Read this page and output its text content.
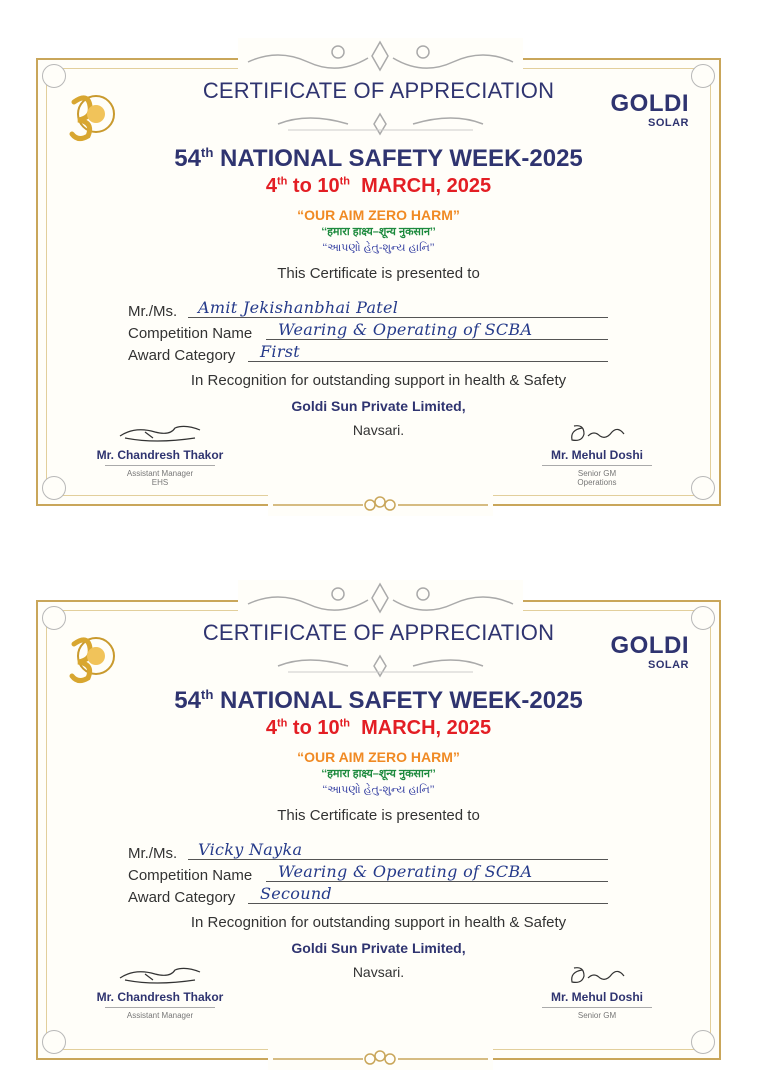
CERTIFICATE OF APPRECIATION	GOLDI
SOLAR
54th NATIONAL SAFETY WEEK-2025
4th to 10th MARCH, 2025
“OUR AIM ZERO HARM”
‘‘हमारा हाक्ष्य–शून्य नुकसान’’
‘‘આપણો હેતુ-શુન્ય હાનિ’’
This Certificate is presented to
Mr./Ms. Amit Jekishanbhai Patel
Competition Name Wearing & Operating of SCBA
Award Category First
In Recognition for outstanding support in health & Safety
Goldi Sun Private Limited,
Navsari.
Mr. Chandresh Thakor
Assistant Manager
EHS
Mr. Mehul Doshi
Senior GM
Operations
CERTIFICATE OF APPRECIATION	GOLDI
SOLAR
54th NATIONAL SAFETY WEEK-2025
4th to 10th MARCH, 2025
“OUR AIM ZERO HARM”
‘‘हमारा हाक्ष्य–शून्य नुकसान’’
‘‘આપણો હેતુ-શુન્ય હાનિ’’
This Certificate is presented to
Mr./Ms. Vicky Nayka
Competition Name Wearing & Operating of SCBA
Award Category Secound
In Recognition for outstanding support in health & Safety
Goldi Sun Private Limited,
Navsari.
Mr. Chandresh Thakor
Assistant Manager
Mr. Mehul Doshi
Senior GM
